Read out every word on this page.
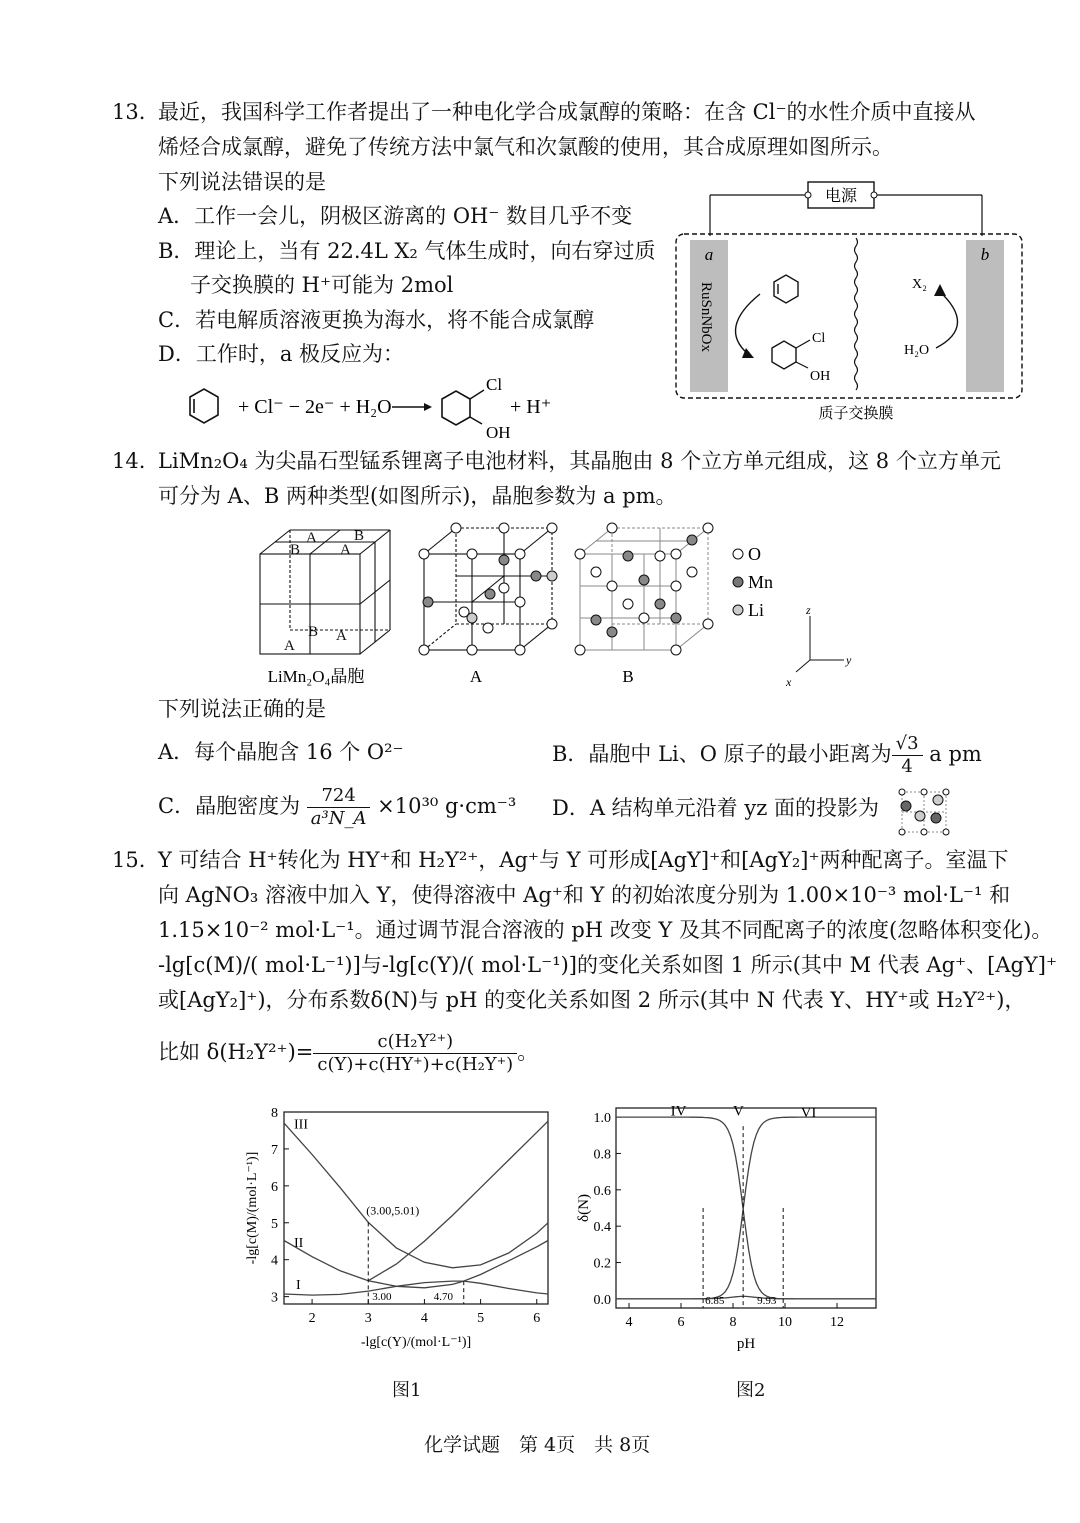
13. 最近，我国科学工作者提出了一种电化学合成氯醇的策略：在含 Cl⁻的水性介质中直接从
烯烃合成氯醇，避免了传统方法中氯气和次氯酸的使用，其合成原理如图所示。
下列说法错误的是
A．工作一会儿，阴极区游离的 OH⁻ 数目几乎不变
B．理论上，当有 22.4L X₂ 气体生成时，向右穿过质
子交换膜的 H⁺可能为 2mol
C．若电解质溶液更换为海水，将不能合成氯醇
D．工作时，a 极反应为：
+ Cl⁻ − 2e⁻ + H₂O
Cl
OH
+ H⁺
电源
a	b
RuSnNbOx	Cl
OH
X₂
H₂O
质子交换膜
14. LiMn₂O₄ 为尖晶石型锰系锂离子电池材料，其晶胞由 8 个立方单元组成，这 8 个立方单元
可分为 A、B 两种类型(如图所示)，晶胞参数为 a pm。
B
A
A
B
A
B A
LiMn₂O₄晶胞	A	B
O
Mn
Li	z
y
x
下列说法正确的是
A．每个晶胞含 16 个 O²⁻	B．晶胞中 Li、O 原子的最小距离为 $\frac{√3}{4}$ a pm
C．晶胞密度为 $\frac{724}{\text{a³N\_A}} \times 10^{30}$ g·cm⁻³ D．A 结构单元沿着 yz 面的投影为
15. Y 可结合 H⁺转化为 HY⁺和 H₂Y²⁺，Ag⁺与 Y 可形成[AgY]⁺和[AgY₂]⁺两种配离子。室温下
向 AgNO₃ 溶液中加入 Y，使得溶液中 Ag⁺和 Y 的初始浓度分别为 1.00×10⁻³ mol·L⁻¹ 和
1.15×10⁻² mol·L⁻¹。通过调节混合溶液的 pH 改变 Y 及其不同配离子的浓度(忽略体积变化)。
-lg[c(M)/( mol·L⁻¹)]与-lg[c(Y)/( mol·L⁻¹)]的变化关系如图 1 所示(其中 M 代表 Ag⁺、[AgY]⁺
或[AgY₂]⁺)，分布系数δ(N)与 pH 的变化关系如图 2 所示(其中 N 代表 Y、HY⁺或 H₂Y²⁺)，
比如 $\delta(H_2Y^{2+})= \frac{\text{c(H₂Y²⁺)}}{\text{c(Y)+c(HY⁺)+c(H₂Y⁺)}}$ 。
2	3	4	5	6
3
4
5
6
7
8
(3.00,5.01)
3.00	4.70
III
II
I
-lg[c(Y)/(mol·L⁻¹)]
-lg[c(M)/(mol·L⁻¹)]
4	6	8	10	12
0.0
0.2
0.4
0.6
0.8
1.0
6.85	9.93
IV	V	VI
pH
δ(N)
图1	图2
化学试题　第 4页　共 8页
